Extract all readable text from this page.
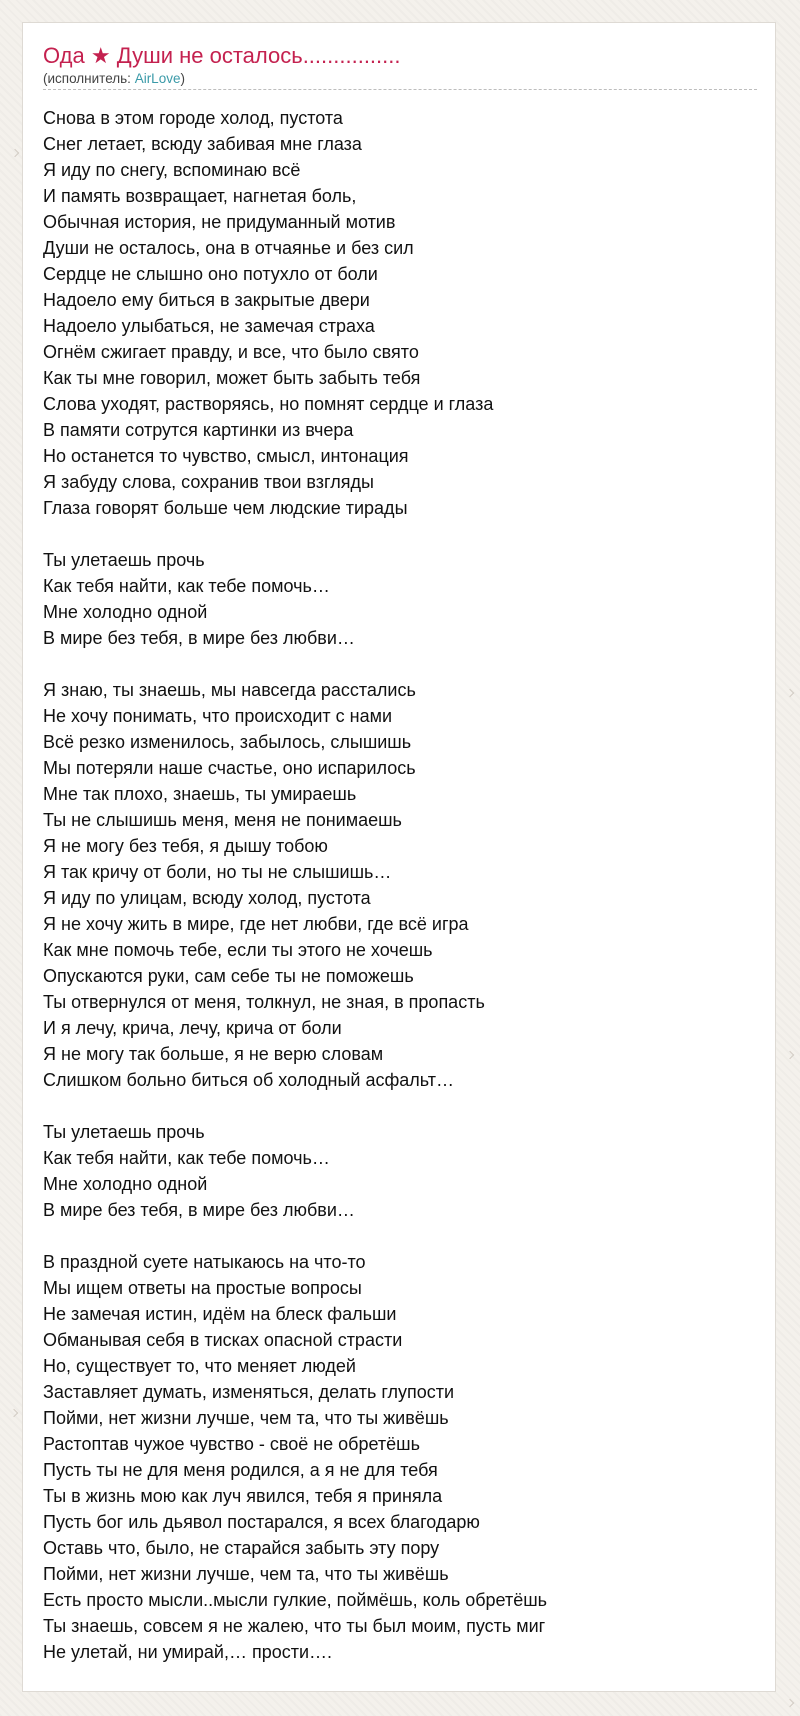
Ода ★ Души не осталось................
(исполнитель: AirLove)
Снова в этом городе холод, пустота
Снег летает, всюду забивая мне глаза
Я иду по снегу, вспоминаю всё
И память возвращает, нагнетая боль,
Обычная история, не придуманный мотив
Души не осталось, она в отчаянье и без сил
Сердце не слышно оно потухло от боли
Надоело ему биться в закрытые двери
Надоело улыбаться, не замечая страха
Огнём сжигает правду, и все, что было свято
Как ты мне говорил, может быть забыть тебя
Слова уходят, растворяясь, но помнят сердце и глаза
В памяти сотрутся картинки из вчера
Но останется то чувство, смысл, интонация
Я забуду слова, сохранив твои взгляды
Глаза говорят больше чем людские тирады
Ты улетаешь прочь
Как тебя найти, как тебе помочь…
Мне холодно одной
В мире без тебя, в мире без любви…
Я знаю, ты знаешь, мы навсегда расстались
Не хочу понимать, что происходит с нами
Всё резко изменилось, забылось, слышишь
Мы потеряли наше счастье, оно испарилось
Мне так плохо, знаешь, ты умираешь
Ты не слышишь меня, меня не понимаешь
Я не могу без тебя, я дышу тобою
Я так кричу от боли, но ты не слышишь…
Я иду по улицам, всюду холод, пустота
Я не хочу жить в мире, где нет любви, где всё игра
Как мне помочь тебе, если ты этого не хочешь
Опускаются руки, сам себе ты не поможешь
Ты отвернулся от меня, толкнул, не зная, в пропасть
И я лечу, крича, лечу, крича от боли
Я не могу так больше, я не верю словам
Слишком больно биться об холодный асфальт…
Ты улетаешь прочь
Как тебя найти, как тебе помочь…
Мне холодно одной
В мире без тебя, в мире без любви…
В праздной суете натыкаюсь на что-то
Мы ищем ответы на простые вопросы
Не замечая истин, идём на блеск фальши
Обманывая себя в тисках опасной страсти
Но, существует то, что меняет людей
Заставляет думать, изменяться, делать глупости
Пойми, нет жизни лучше, чем та, что ты живёшь
Растоптав чужое чувство - своё не обретёшь
Пусть ты не для меня родился, а я не для тебя
Ты в жизнь мою как луч явился, тебя я приняла
Пусть бог иль дьявол постарался, я всех благодарю
Оставь что, было, не старайся забыть эту пору
Пойми, нет жизни лучше, чем та, что ты живёшь
Есть просто мысли..мысли гулкие, поймёшь, коль обретёшь
Ты знаешь, совсем я не жалею, что ты был моим, пусть миг
Не улетай, ни умирай,… прости….
